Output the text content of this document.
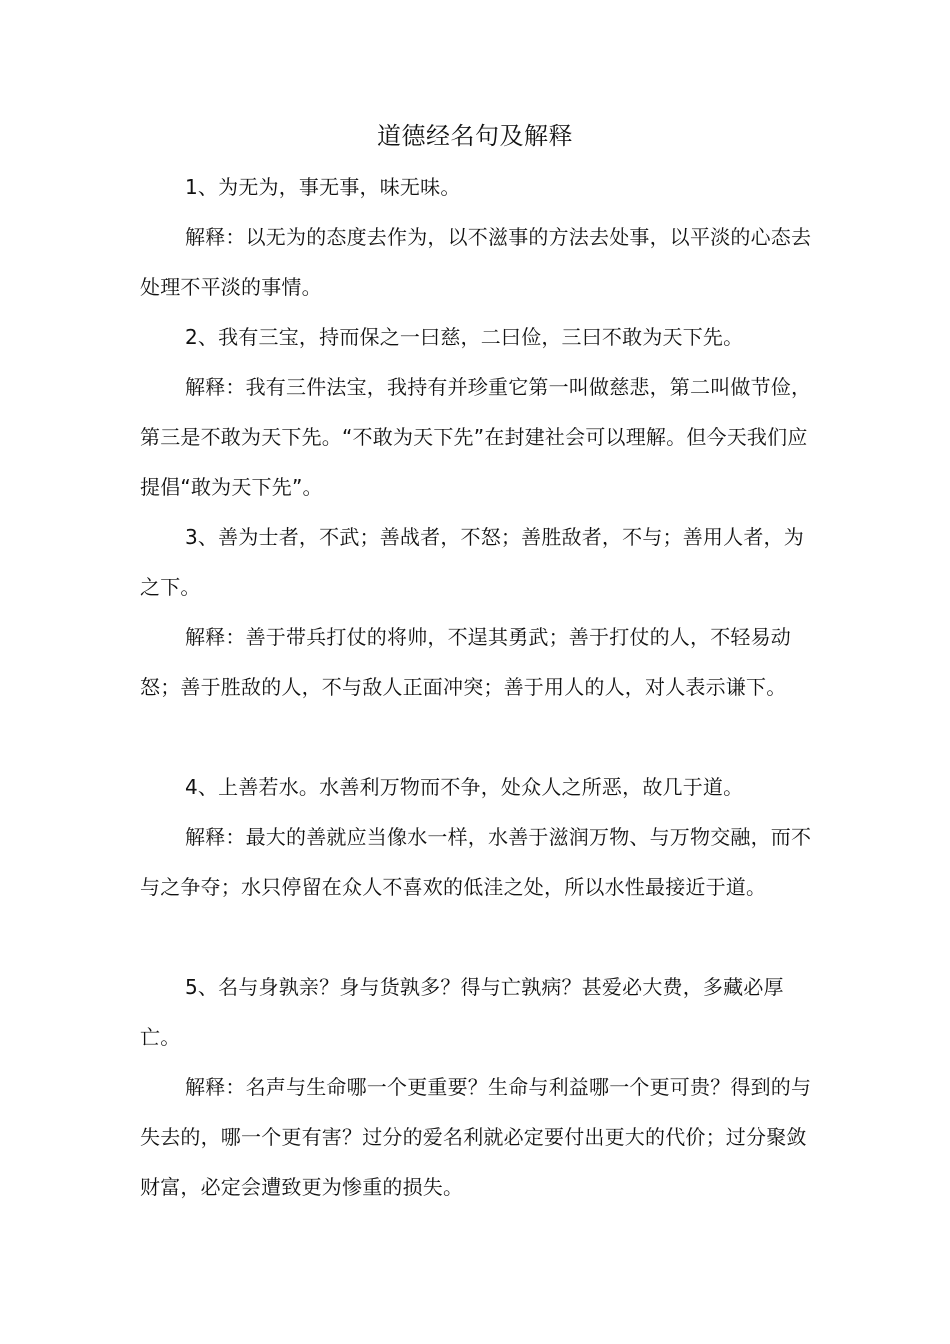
道德经名句及解释
1、为无为，事无事，味无味。
解释：以无为的态度去作为，以不滋事的方法去处事，以平淡的心态去处理不平淡的事情。
2、我有三宝，持而保之一曰慈，二曰俭，三曰不敢为天下先。
解释：我有三件法宝，我持有并珍重它第一叫做慈悲，第二叫做节俭，第三是不敢为天下先。“不敢为天下先”在封建社会可以理解。但今天我们应提倡“敢为天下先”。
3、善为士者，不武；善战者，不怒；善胜敌者，不与；善用人者，为之下。
解释：善于带兵打仗的将帅，不逞其勇武；善于打仗的人，不轻易动怒；善于胜敌的人，不与敌人正面冲突；善于用人的人，对人表示谦下。
4、上善若水。水善利万物而不争，处众人之所恶，故几于道。
解释：最大的善就应当像水一样，水善于滋润万物、与万物交融，而不与之争夺；水只停留在众人不喜欢的低洼之处，所以水性最接近于道。
5、名与身孰亲？身与货孰多？得与亡孰病？甚爱必大费，多藏必厚亡。
解释：名声与生命哪一个更重要？生命与利益哪一个更可贵？得到的与失去的，哪一个更有害？过分的爱名利就必定要付出更大的代价；过分聚敛财富，必定会遭致更为惨重的损失。
